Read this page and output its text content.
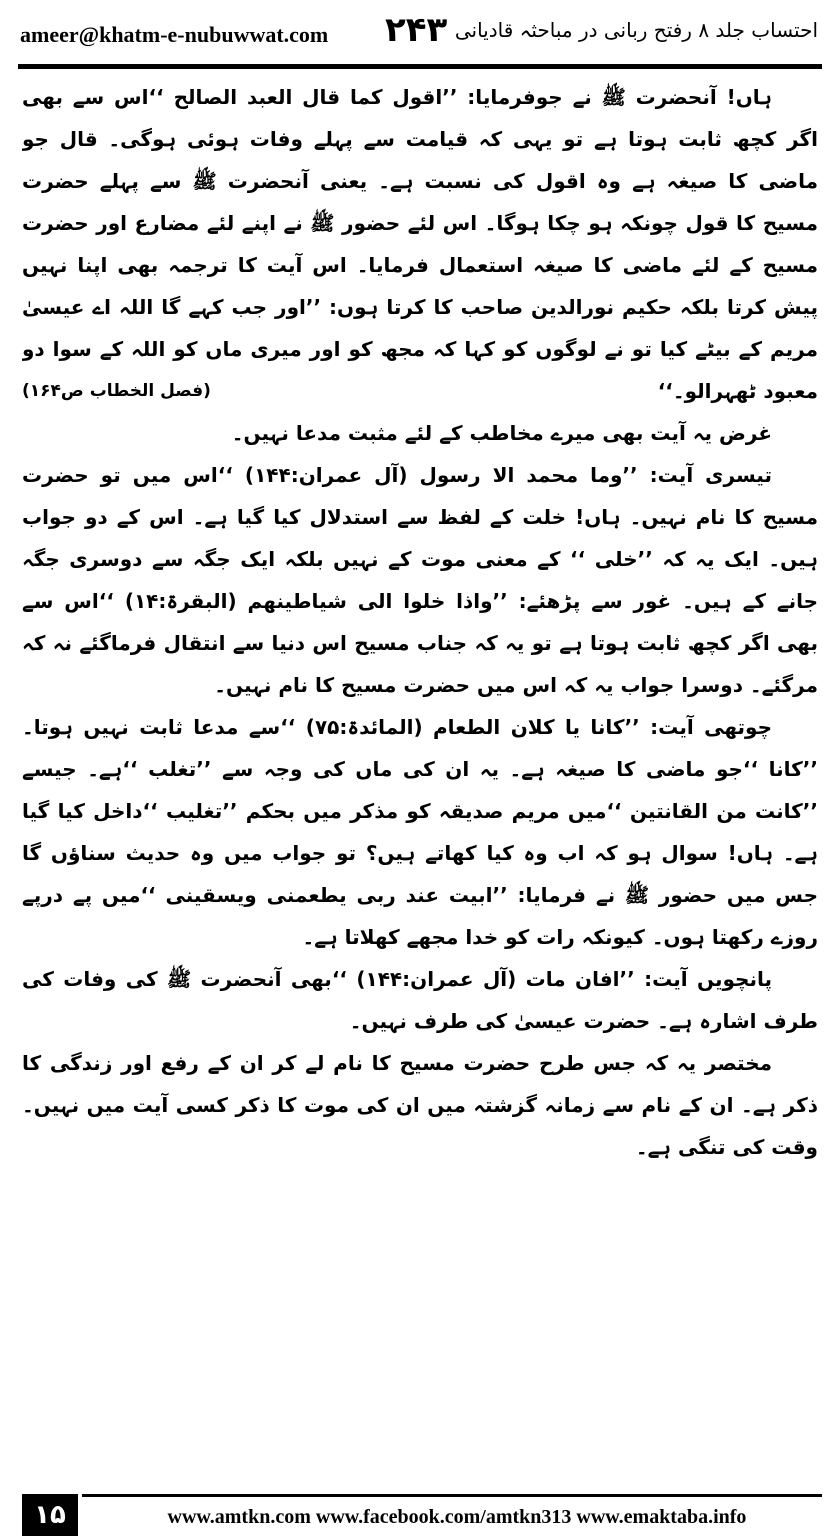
ameer@khatm-e-nubuwwat.com ۲۴۳ احتساب جلد ۸ رفتح ربانی در مباحثہ قادیانی

ہاں! آنحضرت ﷺ نے جوفرمایا: ’’اقول کما قال العبد الصالح ‘‘اس سے بھی اگر کچھ ثابت ہوتا ہے تو یہی کہ قیامت سے پہلے وفات ہوئی ہوگی۔ قال جو ماضی کا صیغہ ہے وہ اقول کی نسبت ہے۔ یعنی آنحضرت ﷺ سے پہلے حضرت مسیح کا قول چونکہ ہو چکا ہوگا۔ اس لئے حضور ﷺ نے اپنے لئے مضارع اور حضرت مسیح کے لئے ماضی کا صیغہ استعمال فرمایا۔ اس آیت کا ترجمہ بھی اپنا نہیں پیش کرتا بلکہ حکیم نورالدین صاحب کا کرتا ہوں: ’’اور جب کہے گا اللہ اے عیسیٰ مریم کے بیٹے کیا تو نے لوگوں کو کہا کہ مجھ کو اور میری ماں کو اللہ کے سوا دو معبود ٹھہرالو۔‘‘

(فصل الخطاب ص۱۶۴)

غرض یہ آیت بھی میرے مخاطب کے لئے مثبت مدعا نہیں۔

تیسری آیت: ’’وما محمد الا رسول (آل عمران:۱۴۴) ‘‘اس میں تو حضرت مسیح کا نام نہیں۔ ہاں! خلت کے لفظ سے استدلال کیا گیا ہے۔ اس کے دو جواب ہیں۔ ایک یہ کہ ’’خلی ‘‘ کے معنی موت کے نہیں بلکہ ایک جگہ سے دوسری جگہ جانے کے ہیں۔ غور سے پڑھئے: ’’واذا خلوا الی شیاطینھم (البقرۃ:۱۴) ‘‘اس سے بھی اگر کچھ ثابت ہوتا ہے تو یہ کہ جناب مسیح اس دنیا سے انتقال فرماگئے نہ کہ مرگئے۔ دوسرا جواب یہ کہ اس میں حضرت مسیح کا نام نہیں۔

چوتھی آیت: ’’کانا یا کلان الطعام (المائدۃ:۷۵) ‘‘سے مدعا ثابت نہیں ہوتا۔ ’’کانا ‘‘جو ماضی کا صیغہ ہے۔ یہ ان کی ماں کی وجہ سے ’’تغلب ‘‘ہے۔ جیسے ’’کانت من القانتین ‘‘میں مریم صدیقہ کو مذکر میں بحکم ’’تغلیب ‘‘داخل کیا گیا ہے۔ ہاں! سوال ہو کہ اب وہ کیا کھاتے ہیں؟ تو جواب میں وہ حدیث سناؤں گا جس میں حضور ﷺ نے فرمایا: ’’ابیت عند ربی یطعمنی ویسقینی ‘‘میں پے درپے روزے رکھتا ہوں۔ کیونکہ رات کو خدا مجھے کھلاتا ہے۔

پانچویں آیت: ’’افان مات (آل عمران:۱۴۴) ‘‘بھی آنحضرت ﷺ کی وفات کی طرف اشارہ ہے۔ حضرت عیسیٰ کی طرف نہیں۔

مختصر یہ کہ جس طرح حضرت مسیح کا نام لے کر ان کے رفع اور زندگی کا ذکر ہے۔ ان کے نام سے زمانہ گزشتہ میں ان کی موت کا ذکر کسی آیت میں نہیں۔ وقت کی تنگی ہے۔

۱۵	www.amtkn.com www.facebook.com/amtkn313 www.emaktaba.info
